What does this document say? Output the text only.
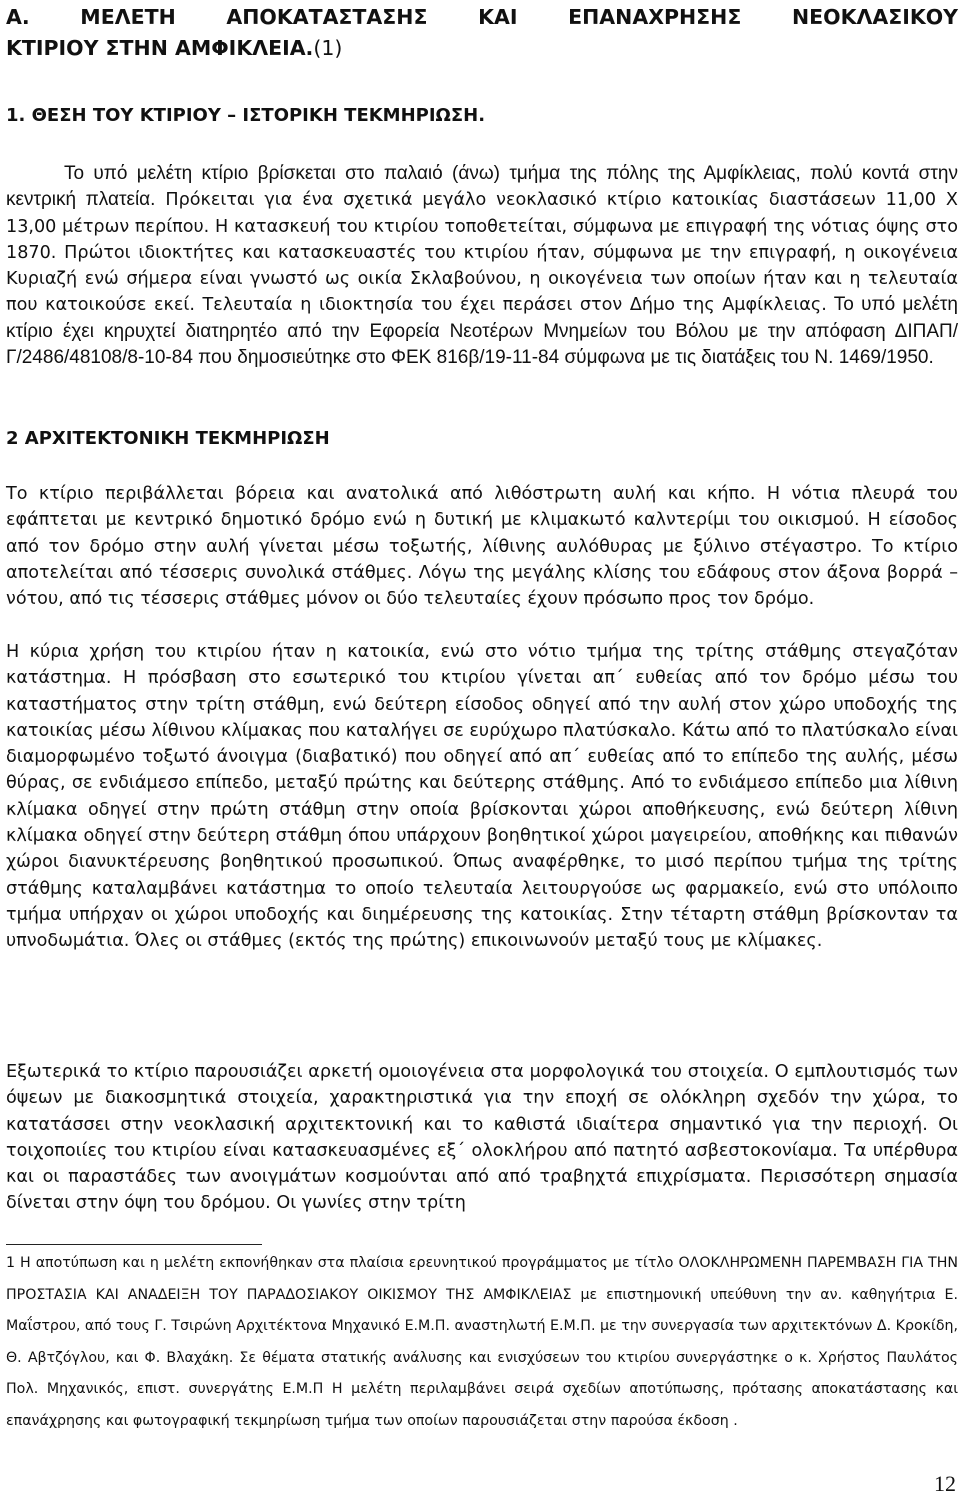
Α. ΜΕΛΕΤΗ ΑΠΟΚΑΤΑΣΤΑΣΗΣ ΚΑΙ ΕΠΑΝΑΧΡΗΣΗΣ ΝΕΟΚΛΑΣΙΚΟΥ
ΚΤΙΡΙΟΥ ΣΤΗΝ ΑΜΦΙΚΛΕΙΑ.(1)
1. ΘΕΣΗ ΤΟΥ ΚΤΙΡΙΟΥ – ΙΣΤΟΡΙΚΗ ΤΕΚΜΗΡΙΩΣΗ.
Το υπό μελέτη κτίριο βρίσκεται στο παλαιό (άνω) τμήμα της πόλης της Αμφίκλειας, πολύ κοντά στην κεντρική πλατεία. Πρόκειται για ένα σχετικά μεγάλο νεοκλασικό κτίριο κατοικίας διαστάσεων 11,00 Χ 13,00 μέτρων περίπου. Η κατασκευή του κτιρίου τοποθετείται, σύμφωνα με επιγραφή της νότιας όψης στο 1870. Πρώτοι ιδιοκτήτες και κατασκευαστές του κτιρίου ήταν, σύμφωνα με την επιγραφή, η οικογένεια Κυριαζή ενώ σήμερα είναι γνωστό ως οικία Σκλαβούνου, η οικογένεια των οποίων ήταν και η τελευταία που κατοικούσε εκεί. Τελευταία η ιδιοκτησία του έχει περάσει στον Δήμο της Αμφίκλειας. Το υπό μελέτη κτίριο έχει κηρυχτεί διατηρητέο από την Εφορεία Νεοτέρων Μνημείων του Βόλου με την απόφαση ΔΙΠΑΠ/Γ/2486/48108/8-10-84 που δημοσιεύτηκε στο ΦΕΚ 816β/19-11-84 σύμφωνα με τις διατάξεις του Ν. 1469/1950.
2 ΑΡΧΙΤΕΚΤΟΝΙΚΗ ΤΕΚΜΗΡΙΩΣΗ
Το κτίριο περιβάλλεται βόρεια και ανατολικά από λιθόστρωτη αυλή και κήπο. Η νότια πλευρά του εφάπτεται με κεντρικό δημοτικό δρόμο ενώ η δυτική με κλιμακωτό καλντερίμι του οικισμού. Η είσοδος από τον δρόμο στην αυλή γίνεται μέσω τοξωτής, λίθινης αυλόθυρας με ξύλινο στέγαστρο. Το κτίριο αποτελείται από τέσσερις συνολικά στάθμες. Λόγω της μεγάλης κλίσης του εδάφους στον άξονα βορρά – νότου, από τις τέσσερις στάθμες μόνον οι δύο τελευταίες έχουν πρόσωπο προς τον δρόμο.
Η κύρια χρήση του κτιρίου ήταν η κατοικία, ενώ στο νότιο τμήμα της τρίτης στάθμης στεγαζόταν κατάστημα. Η πρόσβαση στο εσωτερικό του κτιρίου γίνεται απ΄ ευθείας από τον δρόμο μέσω του καταστήματος στην τρίτη στάθμη, ενώ δεύτερη είσοδος οδηγεί από την αυλή στον χώρο υποδοχής της κατοικίας μέσω λίθινου κλίμακας που καταλήγει σε ευρύχωρο πλατύσκαλο. Κάτω από το πλατύσκαλο είναι διαμορφωμένο τοξωτό άνοιγμα (διαβατικό) που οδηγεί από απ΄ ευθείας από το επίπεδο της αυλής, μέσω θύρας, σε ενδιάμεσο επίπεδο, μεταξύ πρώτης και δεύτερης στάθμης. Από το ενδιάμεσο επίπεδο μια λίθινη κλίμακα οδηγεί στην πρώτη στάθμη στην οποία βρίσκονται χώροι αποθήκευσης, ενώ δεύτερη λίθινη κλίμακα οδηγεί στην δεύτερη στάθμη όπου υπάρχουν βοηθητικοί χώροι μαγειρείου, αποθήκης και πιθανών χώροι διανυκτέρευσης βοηθητικού προσωπικού. Όπως αναφέρθηκε, το μισό περίπου τμήμα της τρίτης στάθμης καταλαμβάνει κατάστημα το οποίο τελευταία λειτουργούσε ως φαρμακείο, ενώ στο υπόλοιπο τμήμα υπήρχαν οι χώροι υποδοχής και διημέρευσης της κατοικίας. Στην τέταρτη στάθμη βρίσκονταν τα υπνοδωμάτια. Όλες οι στάθμες (εκτός της πρώτης) επικοινωνούν μεταξύ τους με κλίμακες.
Εξωτερικά το κτίριο παρουσιάζει αρκετή ομοιογένεια στα μορφολογικά του στοιχεία. Ο εμπλουτισμός των όψεων με διακοσμητικά στοιχεία, χαρακτηριστικά για την εποχή σε ολόκληρη σχεδόν την χώρα, το κατατάσσει στην νεοκλασική αρχιτεκτονική και το καθιστά ιδιαίτερα σημαντικό για την περιοχή. Οι τοιχοποιίες του κτιρίου είναι κατασκευασμένες εξ΄ ολοκλήρου από πατητό ασβεστοκονίαμα. Τα υπέρθυρα και οι παραστάδες των ανοιγμάτων κοσμούνται από από τραβηχτά επιχρίσματα. Περισσότερη σημασία δίνεται στην όψη του δρόμου. Οι γωνίες στην τρίτη
1 Η αποτύπωση και η μελέτη εκπονήθηκαν στα πλαίσια ερευνητικού προγράμματος με τίτλο ΟΛΟΚΛΗΡΩΜΕΝΗ ΠΑΡΕΜΒΑΣΗ ΓΙΑ ΤΗΝ ΠΡΟΣΤΑΣΙΑ ΚΑΙ ΑΝΑΔΕΙΞΗ ΤΟΥ ΠΑΡΑΔΟΣΙΑΚΟΥ ΟΙΚΙΣΜΟΥ ΤΗΣ ΑΜΦΙΚΛΕΙΑΣ με επιστημονική υπεύθυνη την αν. καθηγήτρια Ε. Μαΐστρου, από τους Γ. Τσιρώνη Αρχιτέκτονα Μηχανικό Ε.Μ.Π. αναστηλωτή Ε.Μ.Π. με την συνεργασία των αρχιτεκτόνων Δ. Κροκίδη, Θ. Αβτζόγλου, και Φ. Βλαχάκη. Σε θέματα στατικής ανάλυσης και ενισχύσεων του κτιρίου συνεργάστηκε ο κ. Χρήστος Παυλάτος Πολ. Μηχανικός, επιστ. συνεργάτης Ε.Μ.Π Η μελέτη περιλαμβάνει σειρά σχεδίων αποτύπωσης, πρότασης αποκατάστασης και επανάχρησης και φωτογραφική τεκμηρίωση τμήμα των οποίων παρουσιάζεται στην παρούσα έκδοση .
12
